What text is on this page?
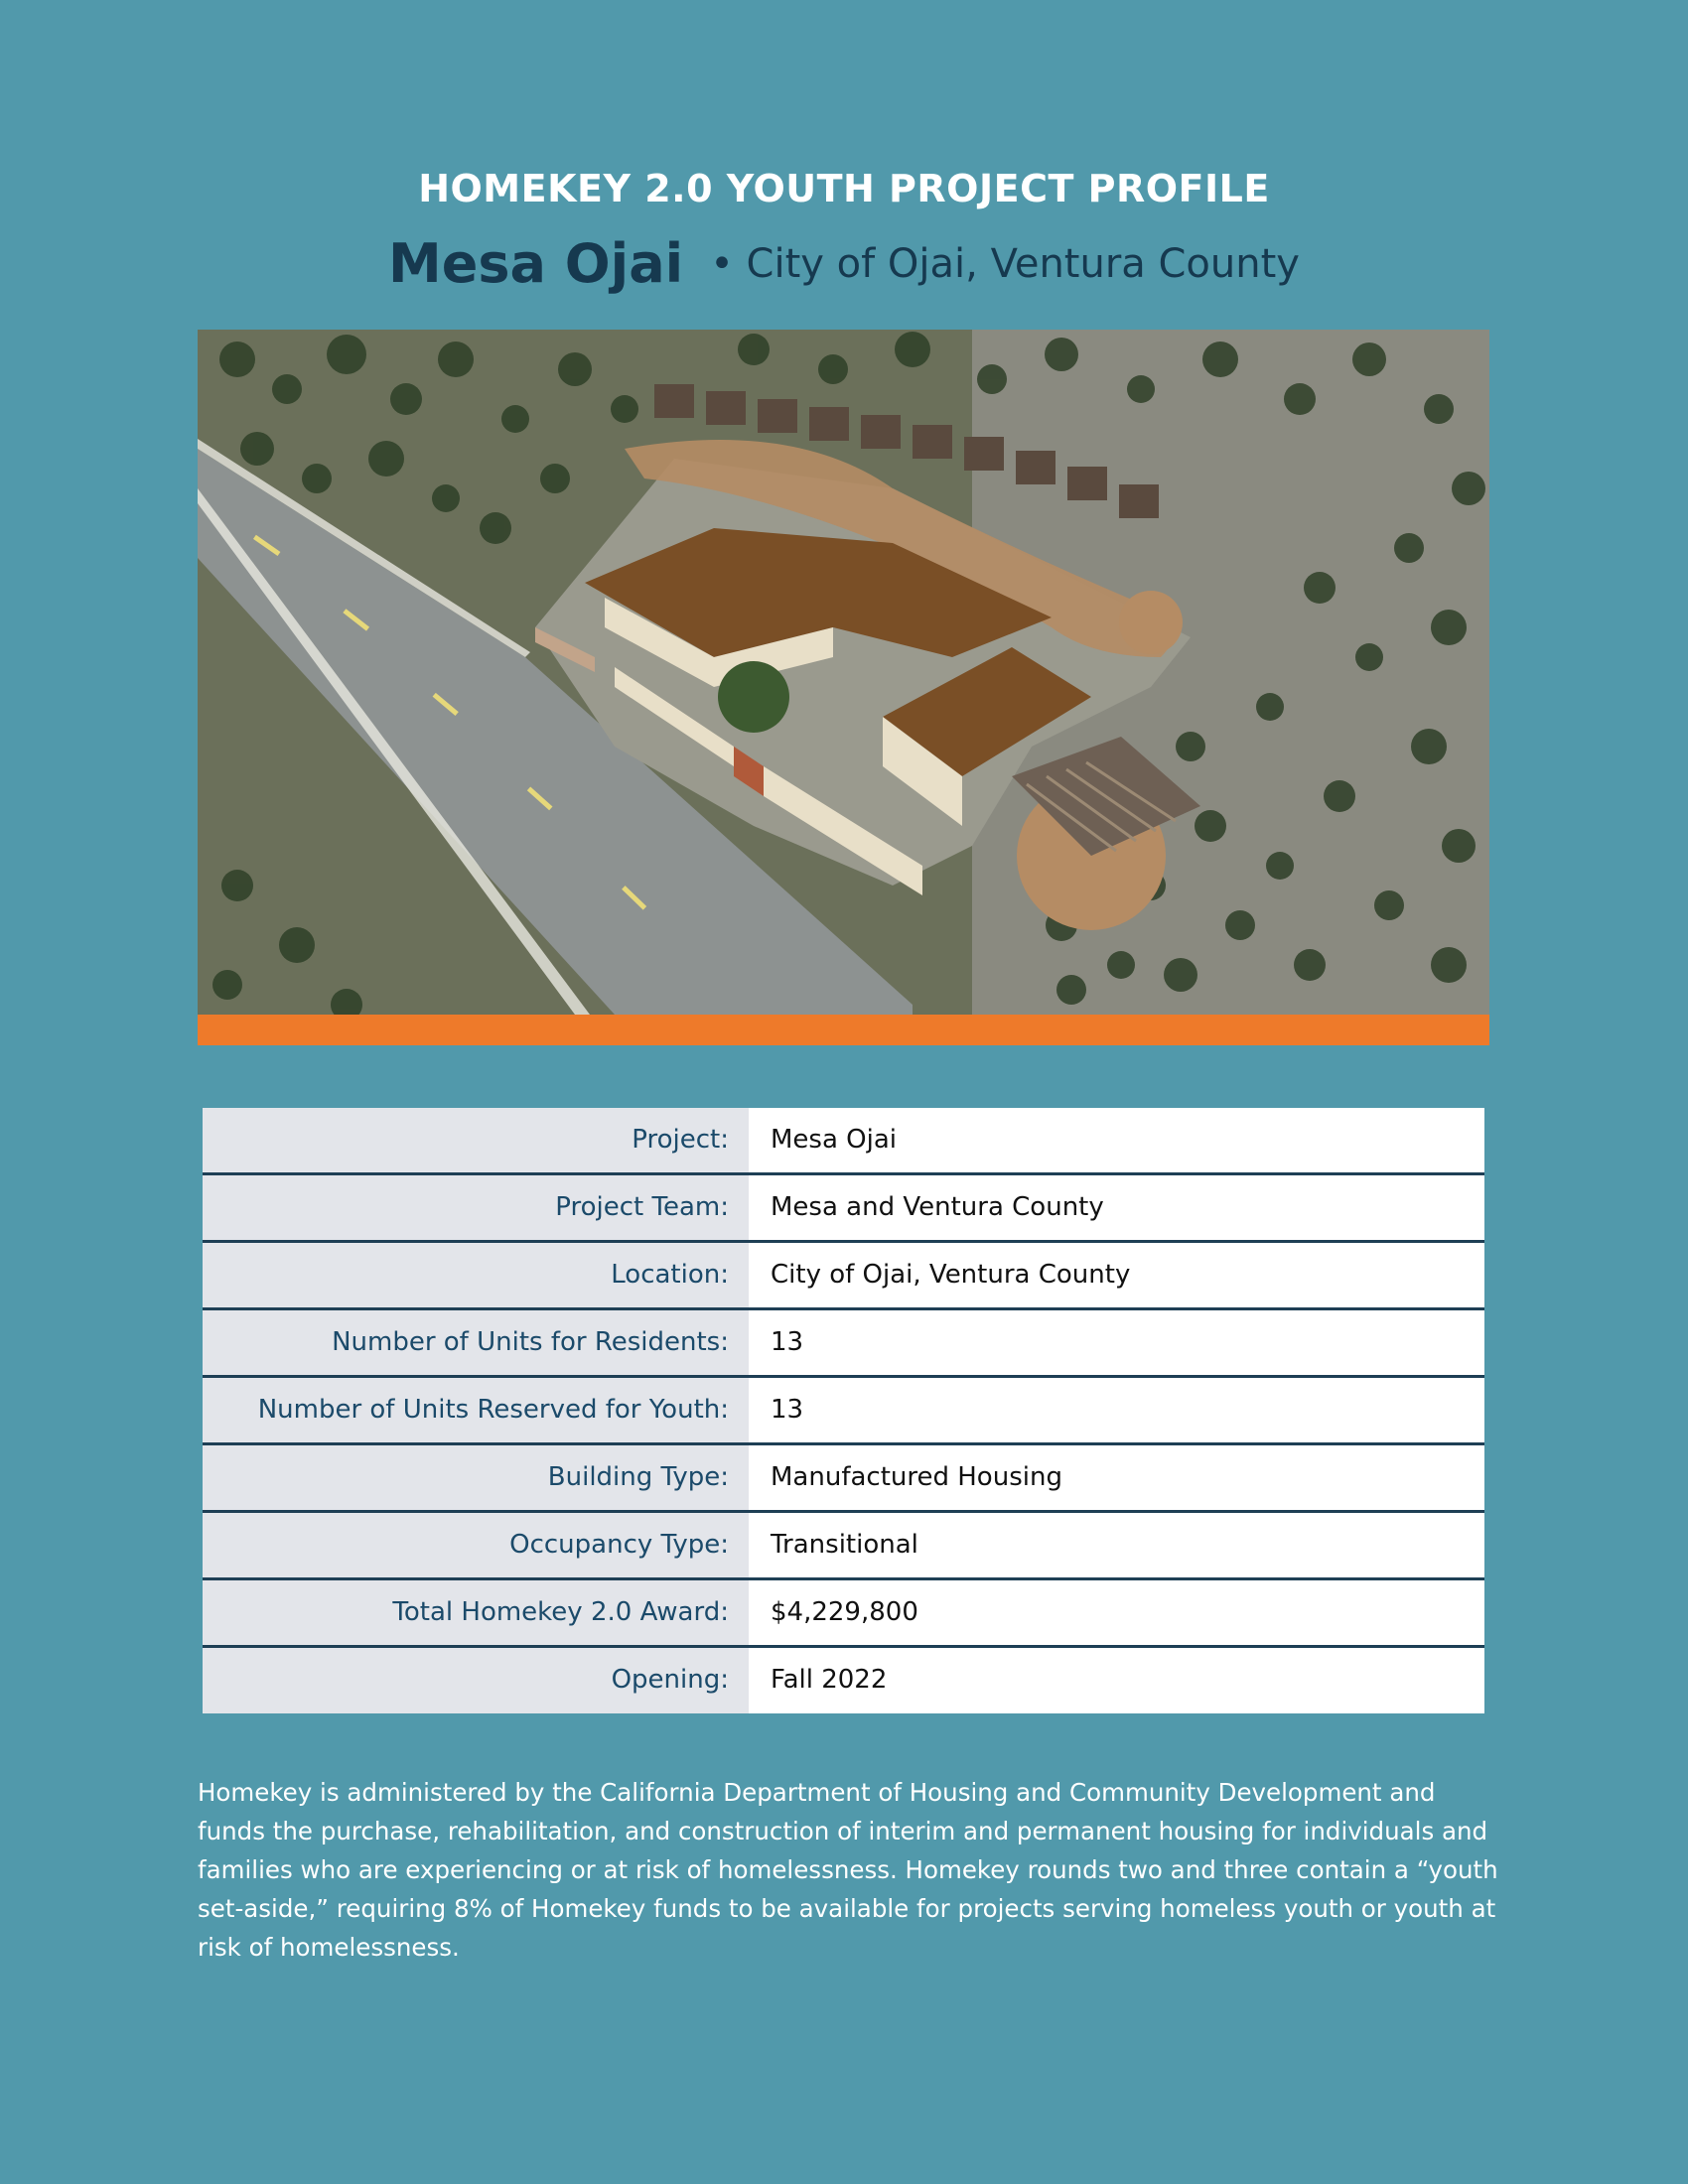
HOMEKEY 2.0 YOUTH PROJECT PROFILE
Mesa Ojai • City of Ojai, Ventura County
Project:	Mesa Ojai
Project Team:	Mesa and Ventura County
Location:	City of Ojai, Ventura County
Number of Units for Residents:	13
Number of Units Reserved for Youth:	13
Building Type:	Manufactured Housing
Occupancy Type:	Transitional
Total Homekey 2.0 Award:	$4,229,800
Opening:	Fall 2022

Homekey is administered by the California Department of Housing and Community Development and funds the purchase, rehabilitation, and construction of interim and permanent housing for individuals and families who are experiencing or at risk of homelessness. Homekey rounds two and three contain a “youth set-aside,” requiring 8% of Homekey funds to be available for projects serving homeless youth or youth at risk of homelessness.
